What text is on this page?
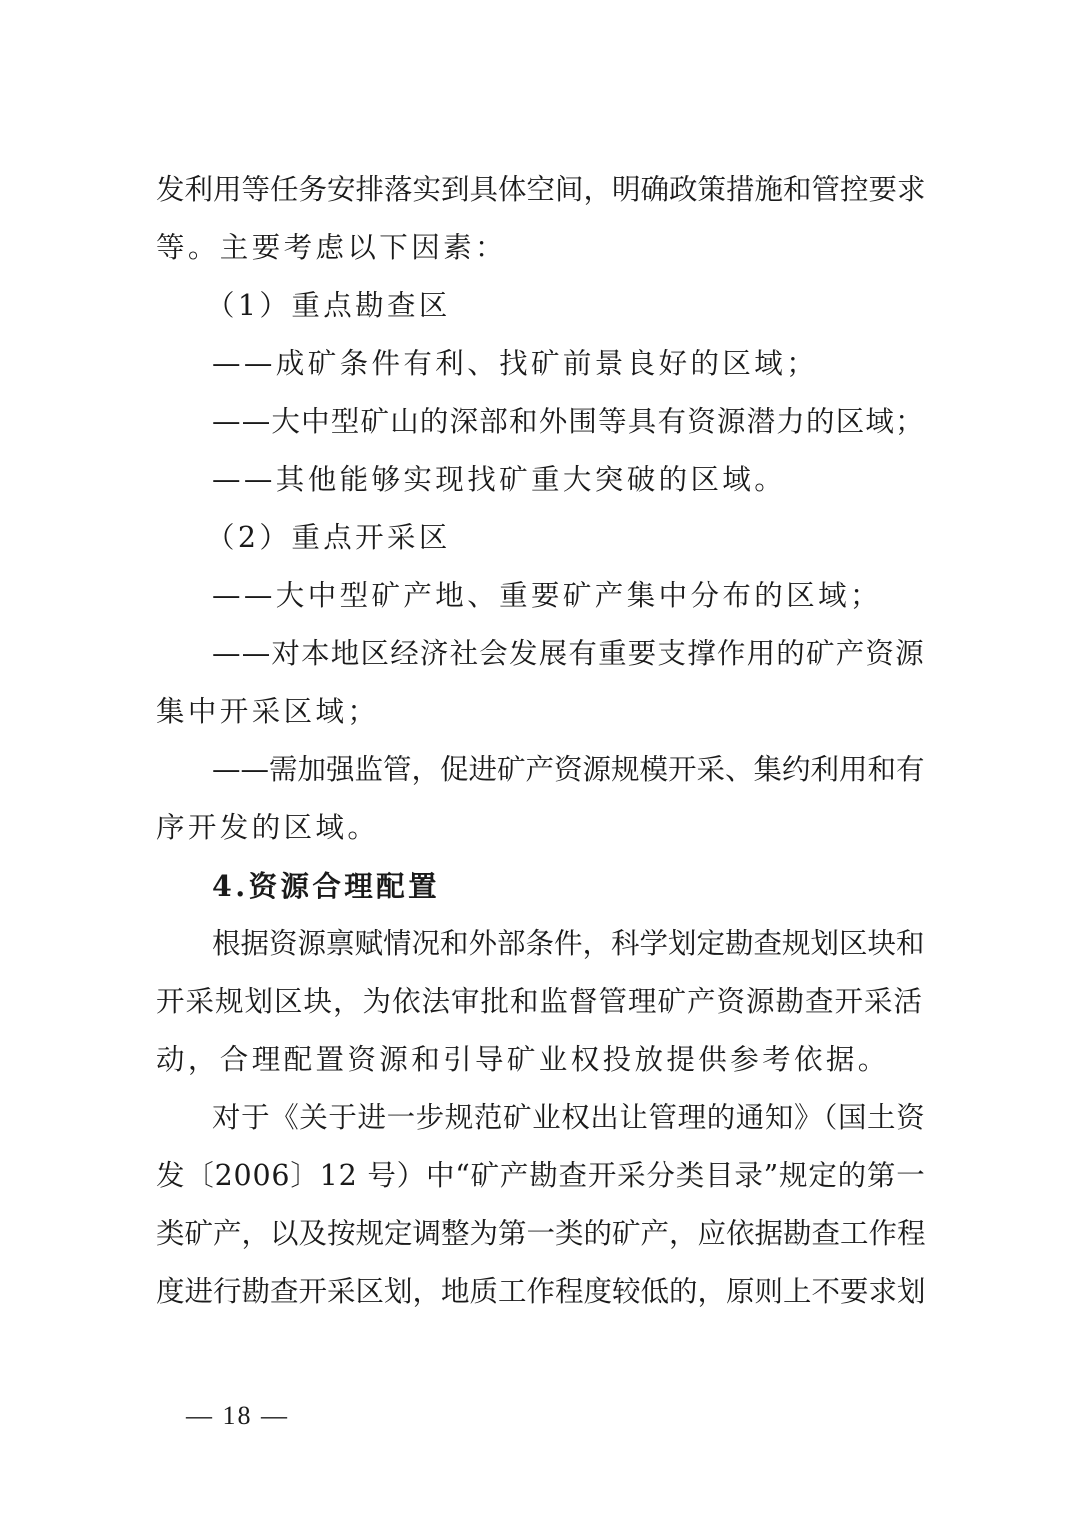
发利用等任务安排落实到具体空间，明确政策措施和管控要求
等。主要考虑以下因素：
（1）重点勘查区
——成矿条件有利、找矿前景良好的区域；
——大中型矿山的深部和外围等具有资源潜力的区域；
——其他能够实现找矿重大突破的区域。
（2）重点开采区
——大中型矿产地、重要矿产集中分布的区域；
——对本地区经济社会发展有重要支撑作用的矿产资源
集中开采区域；
——需加强监管，促进矿产资源规模开采、集约利用和有
序开发的区域。
4.资源合理配置
根据资源禀赋情况和外部条件，科学划定勘查规划区块和
开采规划区块，为依法审批和监督管理矿产资源勘查开采活
动，合理配置资源和引导矿业权投放提供参考依据。
对于《关于进一步规范矿业权出让管理的通知》（国土资
发〔2006〕12 号）中“矿产勘查开采分类目录”规定的第一
类矿产，以及按规定调整为第一类的矿产，应依据勘查工作程
度进行勘查开采区划，地质工作程度较低的，原则上不要求划
— 18 —
